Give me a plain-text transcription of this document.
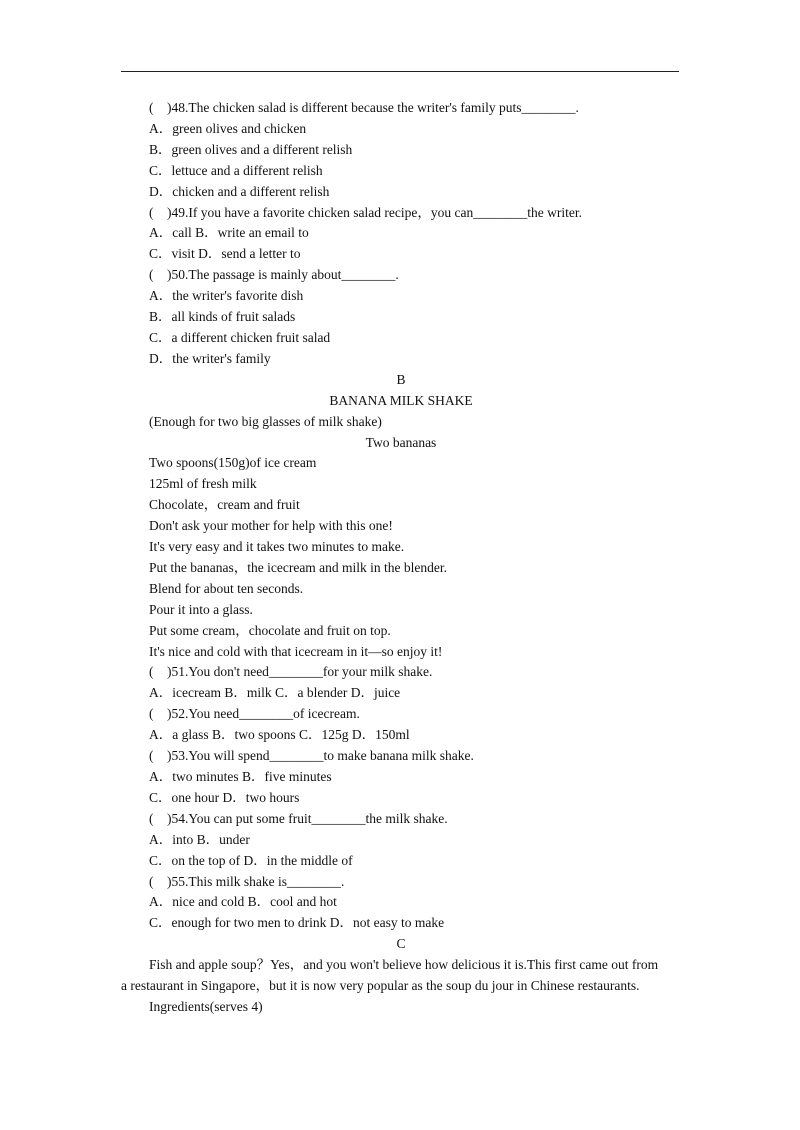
(　)48.The chicken salad is different because the writer's family puts________.
A．green olives and chicken
B．green olives and a different relish
C．lettuce and a different relish
D．chicken and a different relish
(　)49.If you have a favorite chicken salad recipe，you can________the writer.
A．call B．write an email to
C．visit D．send a letter to
(　)50.The passage is mainly about________.
A．the writer's favorite dish
B．all kinds of fruit salads
C．a different chicken fruit salad
D．the writer's family
B
BANANA MILK SHAKE
(Enough for two big glasses of milk shake)
Two bananas
Two spoons(150g)of ice cream
125ml of fresh milk
Chocolate，cream and fruit
Don't ask your mother for help with this one!
It's very easy and it takes two minutes to make.
Put the bananas，the icecream and milk in the blender.
Blend for about ten seconds.
Pour it into a glass.
Put some cream，chocolate and fruit on top.
It's nice and cold with that icecream in it—so enjoy it!
(　)51.You don't need________for your milk shake.
A．icecream B．milk C．a blender D．juice
(　)52.You need________of icecream.
A．a glass B．two spoons C．125g D．150ml
(　)53.You will spend________to make banana milk shake.
A．two minutes B．five minutes
C．one hour D．two hours
(　)54.You can put some fruit________the milk shake.
A．into B．under
C．on the top of D．in the middle of
(　)55.This milk shake is________.
A．nice and cold B．cool and hot
C．enough for two men to drink D．not easy to make
C
Fish and apple soup？Yes，and you won't believe how delicious it is.This first came out from
a restaurant in Singapore，but it is now very popular as the soup du jour in Chinese restaurants.
Ingredients(serves 4)
